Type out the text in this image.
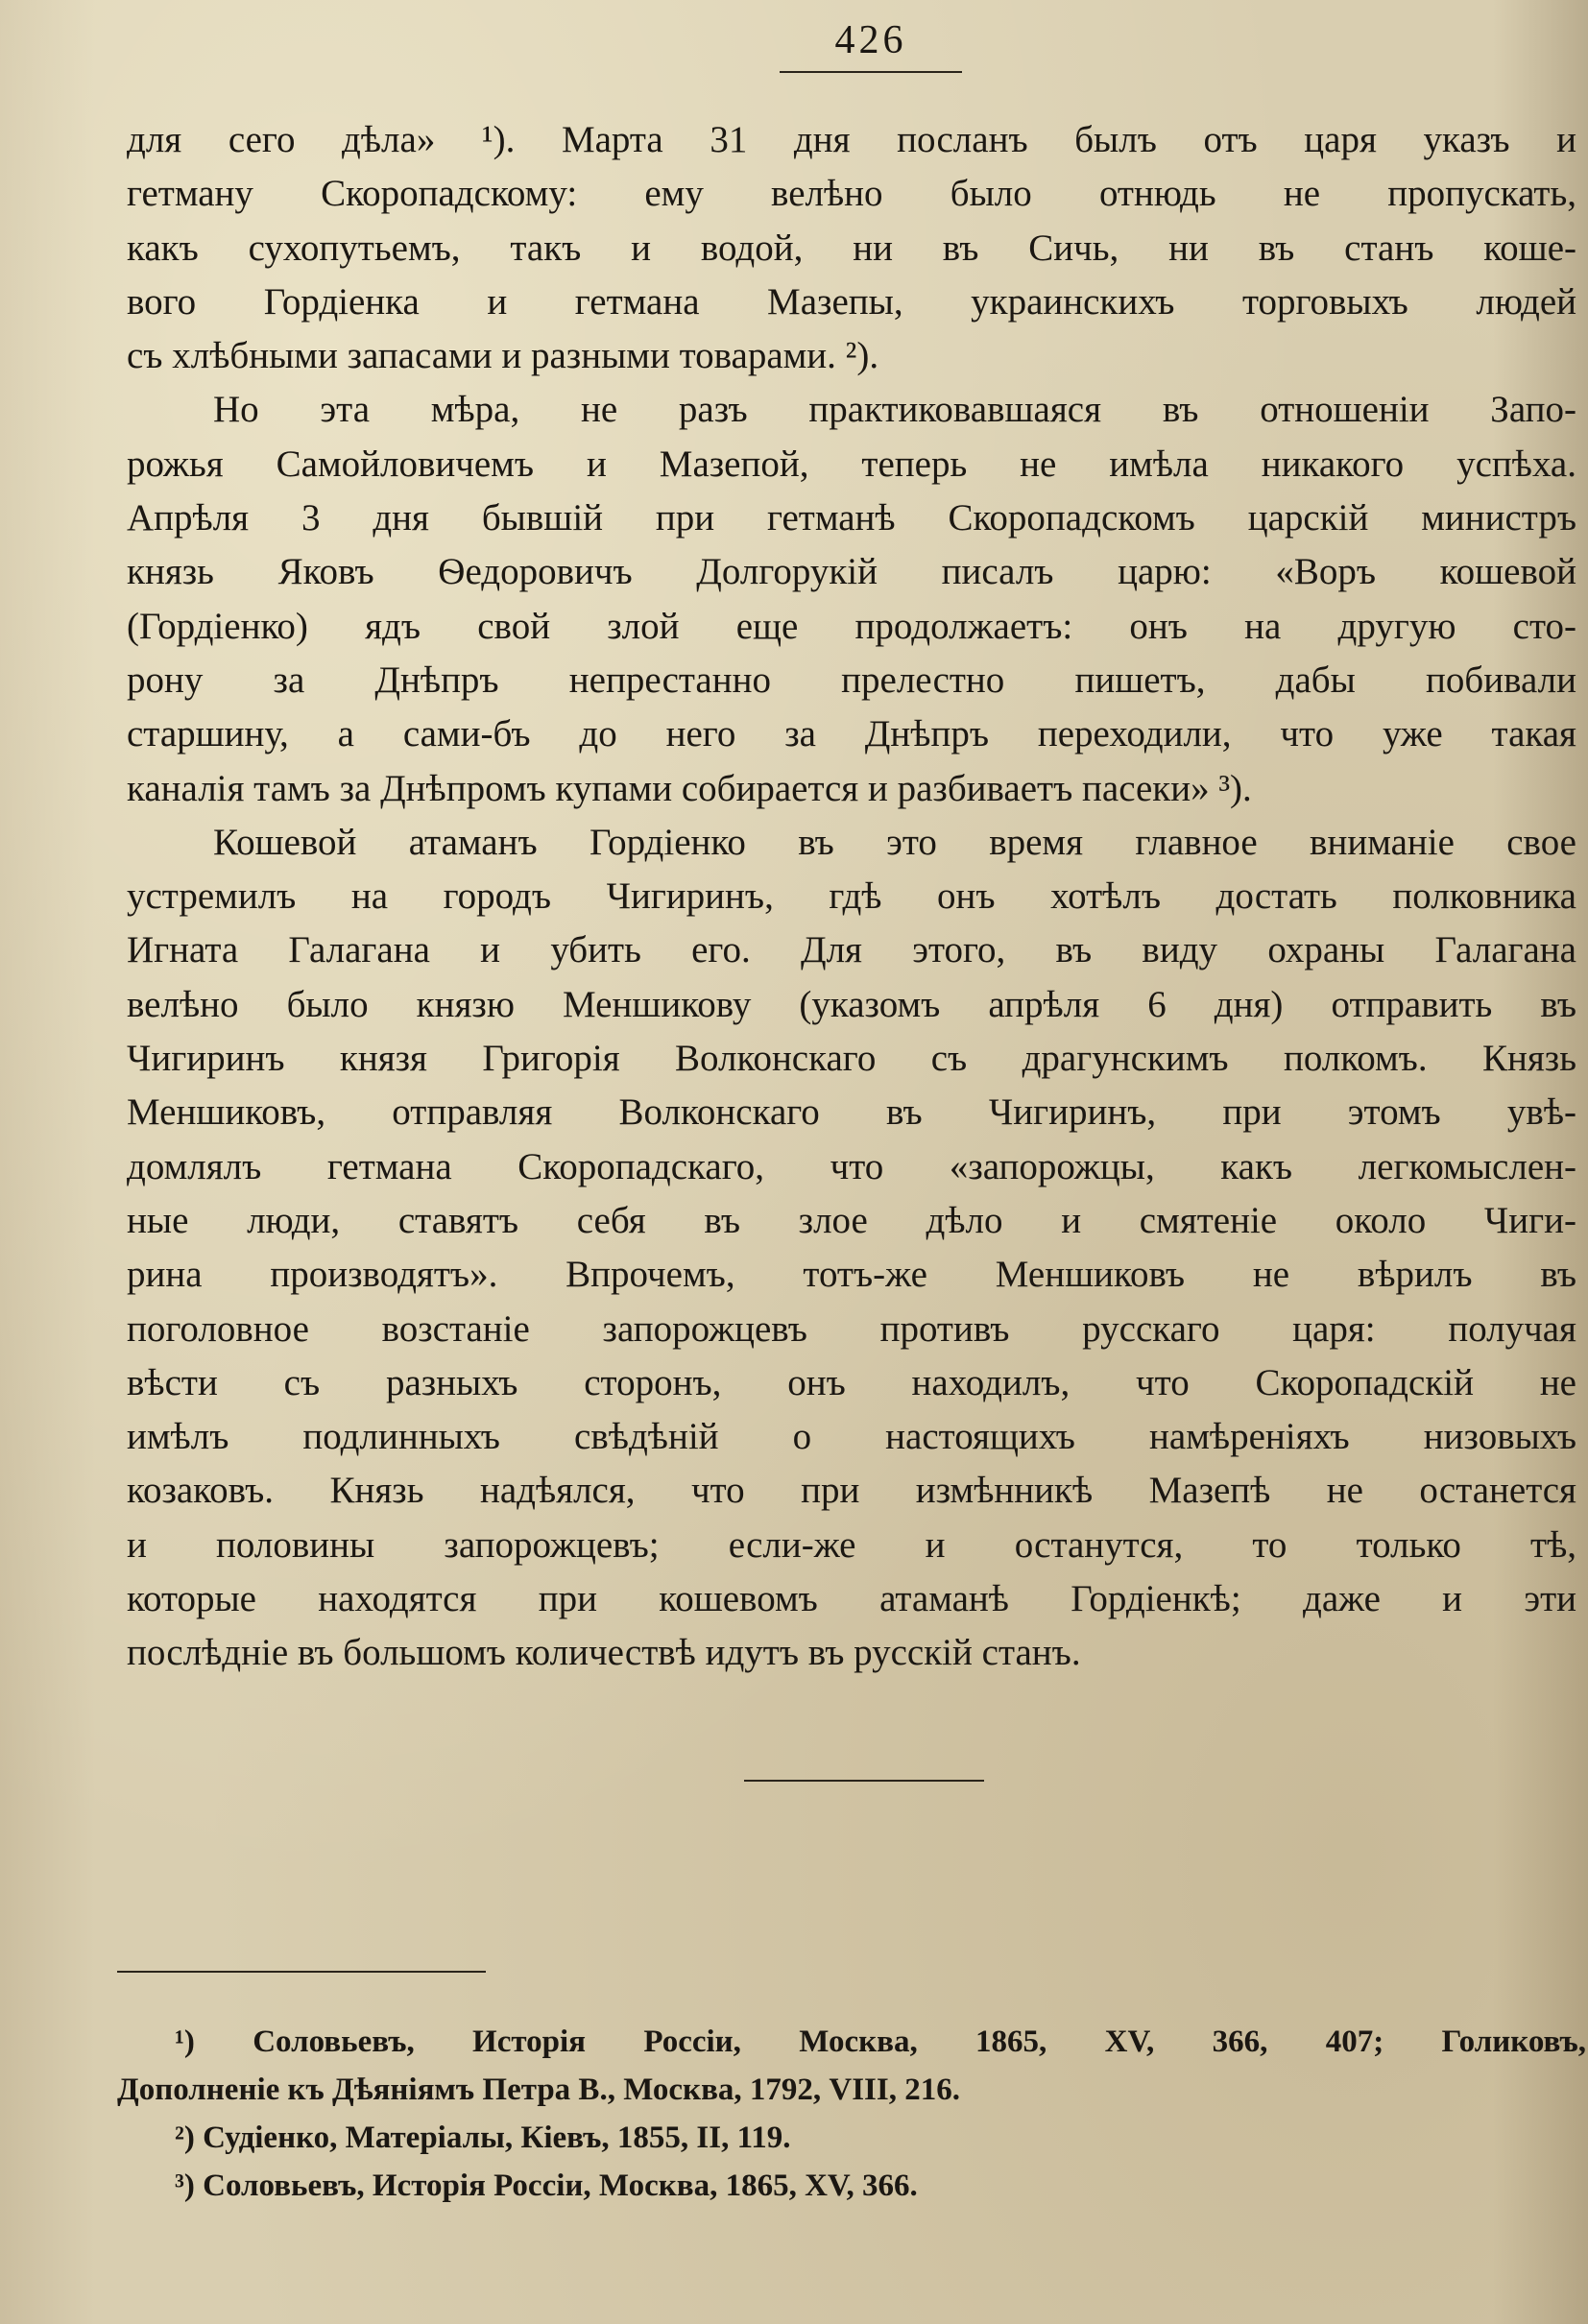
426
для сего дѣла» ¹). Марта 31 дня посланъ былъ отъ царя указъ и
гетману Скоропадскому: ему велѣно было отнюдь не пропускать,
какъ сухопутьемъ, такъ и водой, ни въ Сичь, ни въ станъ коше-
вого Гордіенка и гетмана Мазепы, украинскихъ торговыхъ людей
съ хлѣбными запасами и разными товарами. ²).
Но эта мѣра, не разъ практиковавшаяся въ отношеніи Запо-
рожья Самойловичемъ и Мазепой, теперь не имѣла никакого успѣха.
Апрѣля 3 дня бывшій при гетманѣ Скоропадскомъ царскій министръ
князь Яковъ Ѳедоровичъ Долгорукій писалъ царю: «Воръ кошевой
(Гордіенко) ядъ свой злой еще продолжаетъ: онъ на другую сто-
рону за Днѣпръ непрестанно прелестно пишетъ, дабы побивали
старшину, а сами-бъ до него за Днѣпръ переходили, что уже такая
каналія тамъ за Днѣпромъ купами собирается и разбиваетъ пасеки» ³).
Кошевой атаманъ Гордіенко въ это время главное вниманіе свое
устремилъ на городъ Чигиринъ, гдѣ онъ хотѣлъ достать полковника
Игната Галагана и убить его. Для этого, въ виду охраны Галагана
велѣно было князю Меншикову (указомъ апрѣля 6 дня) отправить въ
Чигиринъ князя Григорія Волконскаго съ драгунскимъ полкомъ. Князь
Меншиковъ, отправляя Волконскаго въ Чигиринъ, при этомъ увѣ-
домлялъ гетмана Скоропадскаго, что «запорожцы, какъ легкомыслен-
ные люди, ставятъ себя въ злое дѣло и смятеніе около Чиги-
рина производятъ». Впрочемъ, тотъ-же Меншиковъ не вѣрилъ въ
поголовное возстаніе запорожцевъ противъ русскаго царя: получая
вѣсти съ разныхъ сторонъ, онъ находилъ, что Скоропадскій не
имѣлъ подлинныхъ свѣдѣній о настоящихъ намѣреніяхъ низовыхъ
козаковъ. Князь надѣялся, что при измѣнникѣ Мазепѣ не останется
и половины запорожцевъ; если-же и останутся, то только тѣ,
которые находятся при кошевомъ атаманѣ Гордіенкѣ; даже и эти
послѣдніе въ большомъ количествѣ идутъ въ русскій станъ.
¹) Соловьевъ, Исторія Россіи, Москва, 1865, XV, 366, 407; Голиковъ,
Дополненіе къ Дѣяніямъ Петра В., Москва, 1792, VIII, 216.
²) Судіенко, Матеріалы, Кіевъ, 1855, II, 119.
³) Соловьевъ, Исторія Россіи, Москва, 1865, XV, 366.
